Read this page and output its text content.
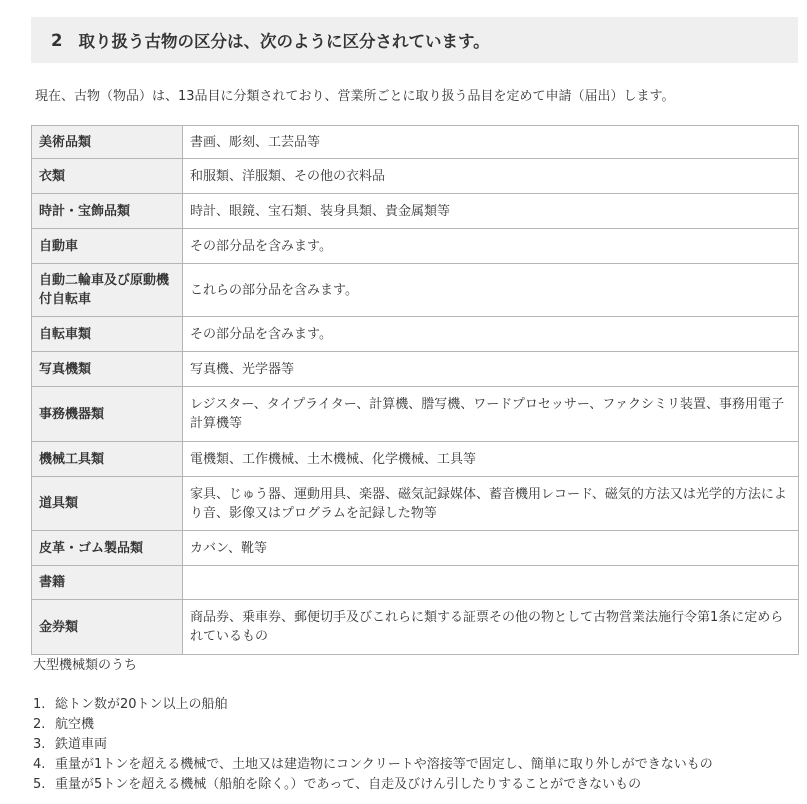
2 取り扱う古物の区分は、次のように区分されています。
現在、古物（物品）は、13品目に分類されており、営業所ごとに取り扱う品目を定めて申請（届出）します。
美術品類	書画、彫刻、工芸品等
衣類	和服類、洋服類、その他の衣料品
時計・宝飾品類	時計、眼鏡、宝石類、装身具類、貴金属類等
自動車	その部分品を含みます。
自動二輪車及び原動機付自転車	これらの部分品を含みます。
自転車類	その部分品を含みます。
写真機類	写真機、光学器等
事務機器類	レジスター、タイプライター、計算機、謄写機、ワードプロセッサー、ファクシミリ装置、事務用電子計算機等
機械工具類	電機類、工作機械、土木機械、化学機械、工具等
道具類	家具、じゅう器、運動用具、楽器、磁気記録媒体、蓄音機用レコード、磁気的方法又は光学的方法により音、影像又はプログラムを記録した物等
皮革・ゴム製品類	カバン、靴等
書籍	
金券類	商品券、乗車券、郵便切手及びこれらに類する証票その他の物として古物営業法施行令第1条に定められているもの
大型機械類のうち
1. 総トン数が20トン以上の船舶
2. 航空機
3. 鉄道車両
4. 重量が1トンを超える機械で、土地又は建造物にコンクリートや溶接等で固定し、簡単に取り外しができないもの
5. 重量が5トンを超える機械（船舶を除く。）であって、自走及びけん引したりすることができないもの
